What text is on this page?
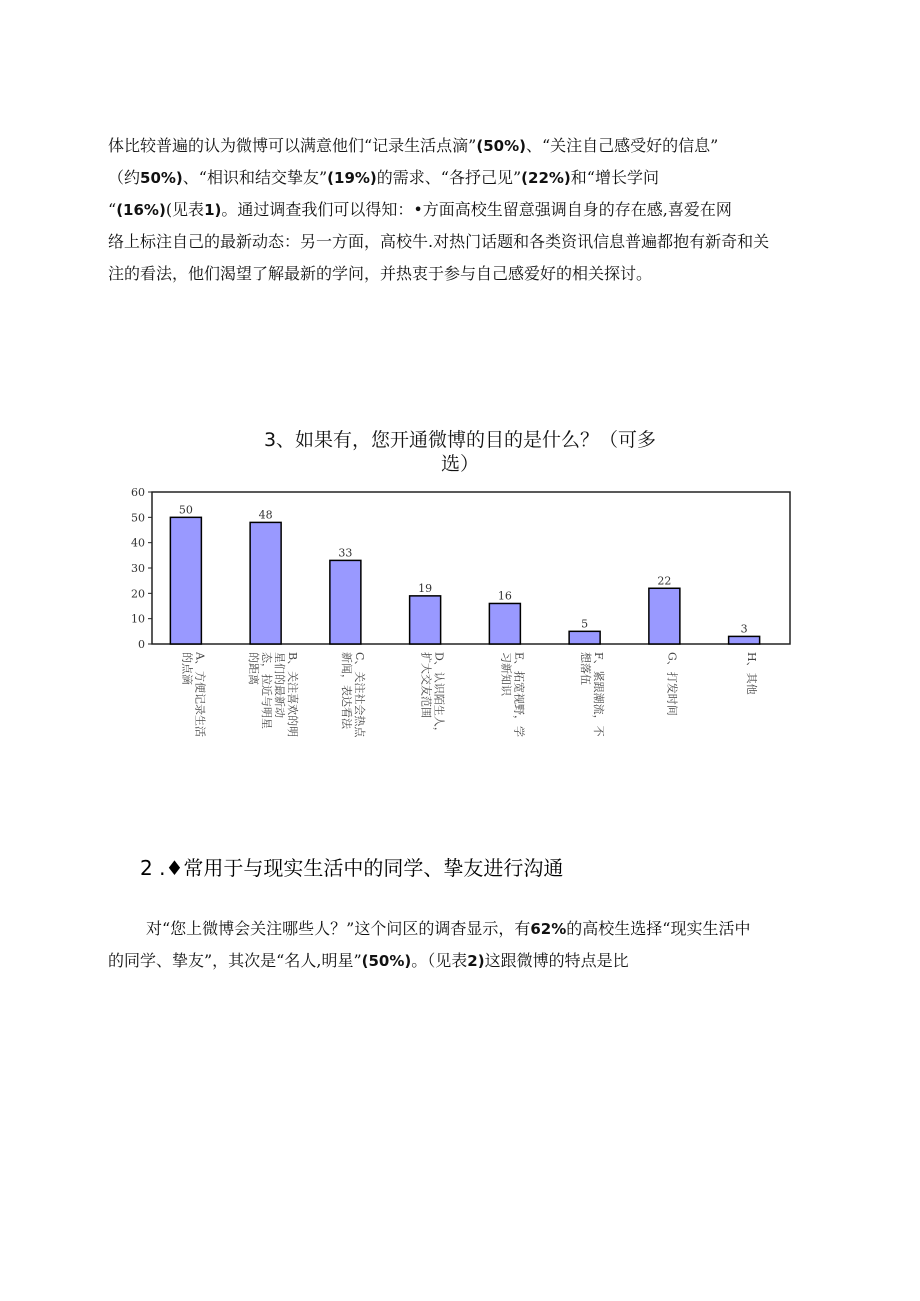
体比较普遍的认为微博可以满意他们“记录生活点滴”(50%)、“关注自己感受好的信息”
（约50%)、“相识和结交挚友”(19%)的需求、“各抒己见”(22%)和“增长学问
“(16%)(见表1)。通过调查我们可以得知：•方面高校生留意强调自身的存在感,喜爱在网
络上标注自己的最新动态：另一方面，高校牛.对热门话题和各类资讯信息普遍都抱有新奇和关
注的看法，他们渴望了解最新的学问，并热衷于参与自己感爱好的相关探讨。
3、如果有，您开通微博的目的是什么？（可多
选）
0
10
20
30
40
50
60
50
A、方便记录生活
的点滴
48
B、关注喜欢的明
星们的最新动
态，拉近与明星
的距离
33
C、关注社会热点
新闻，表达看法
19
D、认识陌生人，
扩大交友范围
16
E、拓宽视野，学
习新知识
5
F、紧跟潮流，不
想落伍
22
G、打发时间
3
H、其他
2 .♦常用于与现实生活中的同学、挚友进行沟通
对“您上微博会关注哪些人？”这个问区的调杳显示，有62%的高校生选择“现实生活中
的同学、挚友”，其次是“名人,明星”(50%)。（见表2)这跟微博的特点是比
